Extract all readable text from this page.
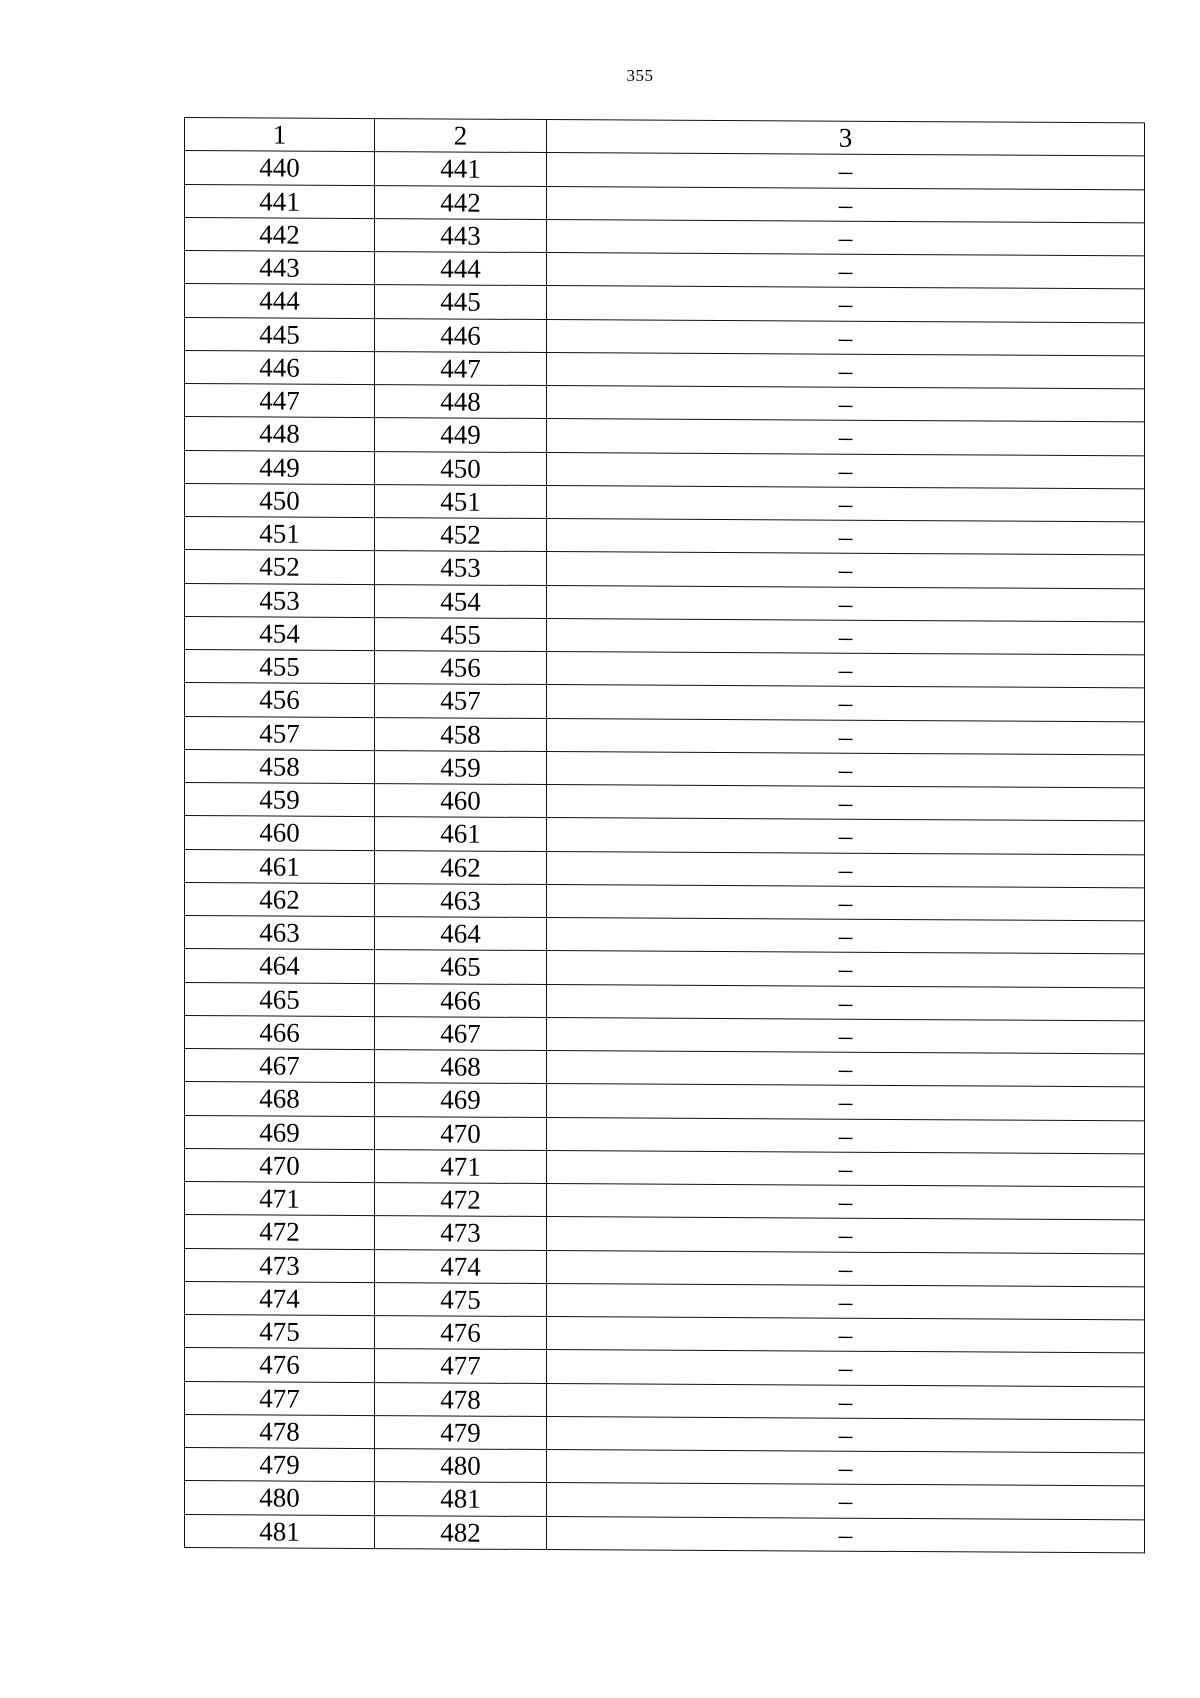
355
1	2	3
440	441	–
441	442	–
442	443	–
443	444	–
444	445	–
445	446	–
446	447	–
447	448	–
448	449	–
449	450	–
450	451	–
451	452	–
452	453	–
453	454	–
454	455	–
455	456	–
456	457	–
457	458	–
458	459	–
459	460	–
460	461	–
461	462	–
462	463	–
463	464	–
464	465	–
465	466	–
466	467	–
467	468	–
468	469	–
469	470	–
470	471	–
471	472	–
472	473	–
473	474	–
474	475	–
475	476	–
476	477	–
477	478	–
478	479	–
479	480	–
480	481	–
481	482	–
